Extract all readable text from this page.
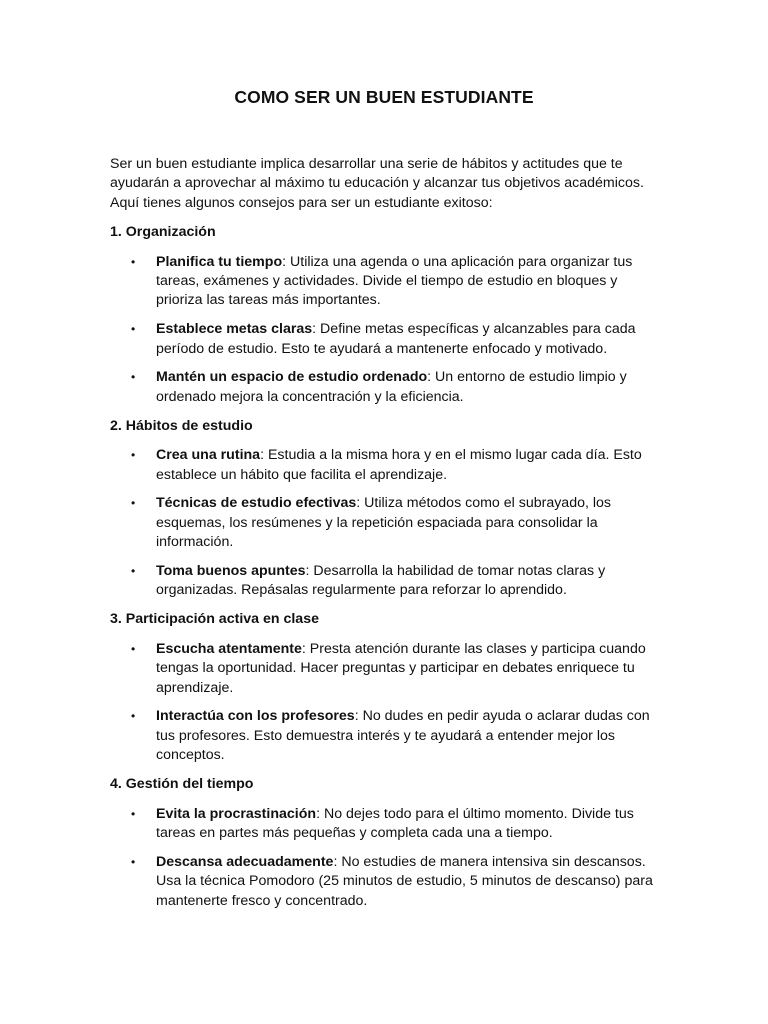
COMO SER UN BUEN ESTUDIANTE

Ser un buen estudiante implica desarrollar una serie de hábitos y actitudes que te ayudarán a aprovechar al máximo tu educación y alcanzar tus objetivos académicos. Aquí tienes algunos consejos para ser un estudiante exitoso:

1. Organización

• Planifica tu tiempo: Utiliza una agenda o una aplicación para organizar tus tareas, exámenes y actividades. Divide el tiempo de estudio en bloques y prioriza las tareas más importantes.
• Establece metas claras: Define metas específicas y alcanzables para cada período de estudio. Esto te ayudará a mantenerte enfocado y motivado.
• Mantén un espacio de estudio ordenado: Un entorno de estudio limpio y ordenado mejora la concentración y la eficiencia.

2. Hábitos de estudio

• Crea una rutina: Estudia a la misma hora y en el mismo lugar cada día. Esto establece un hábito que facilita el aprendizaje.
• Técnicas de estudio efectivas: Utiliza métodos como el subrayado, los esquemas, los resúmenes y la repetición espaciada para consolidar la información.
• Toma buenos apuntes: Desarrolla la habilidad de tomar notas claras y organizadas. Repásalas regularmente para reforzar lo aprendido.

3. Participación activa en clase

• Escucha atentamente: Presta atención durante las clases y participa cuando tengas la oportunidad. Hacer preguntas y participar en debates enriquece tu aprendizaje.
• Interactúa con los profesores: No dudes en pedir ayuda o aclarar dudas con tus profesores. Esto demuestra interés y te ayudará a entender mejor los conceptos.

4. Gestión del tiempo

• Evita la procrastinación: No dejes todo para el último momento. Divide tus tareas en partes más pequeñas y completa cada una a tiempo.
• Descansa adecuadamente: No estudies de manera intensiva sin descansos. Usa la técnica Pomodoro (25 minutos de estudio, 5 minutos de descanso) para mantenerte fresco y concentrado.
